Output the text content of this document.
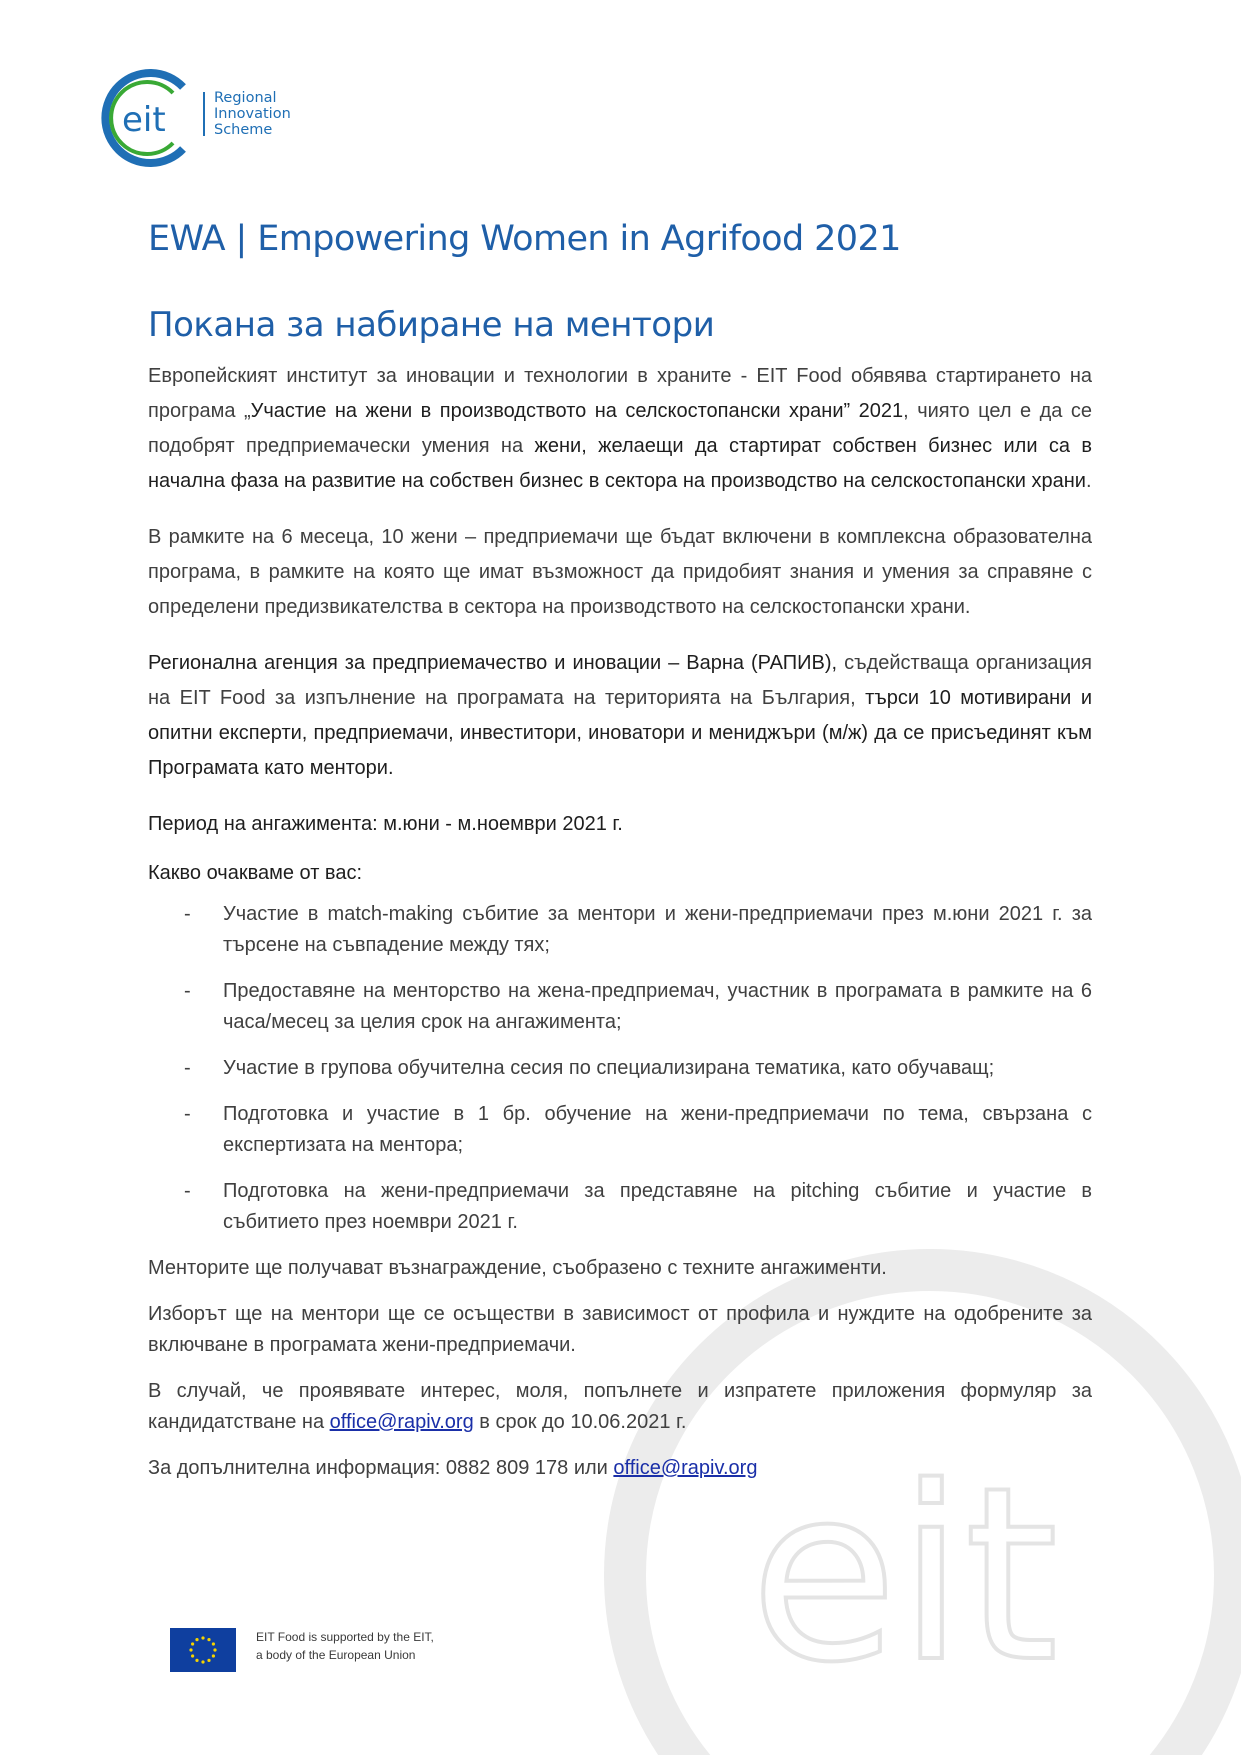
eit
eit
Regional
Innovation
Scheme
EWA | Empowering Women in Agrifood 2021
Покана за набиране на ментори

Европейският институт за иновации и технологии в храните - EIT Food обявява стартирането на програма „Участие на жени в производството на селскостопански храни” 2021, чиято цел е да се подобрят предприемачески умения на жени, желаещи да стартират собствен бизнес или са в начална фаза на развитие на собствен бизнес в сектора на производство на селскостопански храни.

В рамките на 6 месеца, 10 жени – предприемачи ще бъдат включени в комплексна образователна програма, в рамките на която ще имат възможност да придобият знания и умения за справяне с определени предизвикателства в сектора на производството на селскостопански храни.

Регионална агенция за предприемачество и иновации – Варна (РАПИВ), съдействаща организация на EIT Food за изпълнение на програмата на територията на България, търси 10 мотивирани и опитни експерти, предприемачи, инвеститори, иноватори и мениджъри (м/ж) да се присъединят към Програмата като ментори.

Период на ангажимента: м.юни - м.ноември 2021 г.

Какво очакваме от вас:

- Участие в match-making събитие за ментори и жени-предприемачи през м.юни 2021 г. за търсене на съвпадение между тях;
- Предоставяне на менторство на жена-предприемач, участник в програмата в рамките на 6 часа/месец за целия срок на ангажимента;
- Участие в групова обучителна сесия по специализирана тематика, като обучаващ;
- Подготовка и участие в 1 бр. обучение на жени-предприемачи по тема, свързана с експертизата на ментора;
- Подготовка на жени-предприемачи за представяне на pitching събитие и участие в събитието през ноември 2021 г.

Менторите ще получават възнаграждение, съобразено с техните ангажименти.

Изборът ще на ментори ще се осъществи в зависимост от профила и нуждите на одобрените за включване в програмата жени-предприемачи.

В случай, че проявявате интерес, моля, попълнете и изпратете приложения формуляр за кандидатстване на office@rapiv.org в срок до 10.06.2021 г.

За допълнителна информация: 0882 809 178 или office@rapiv.org

EIT Food is supported by the EIT,
a body of the European Union
